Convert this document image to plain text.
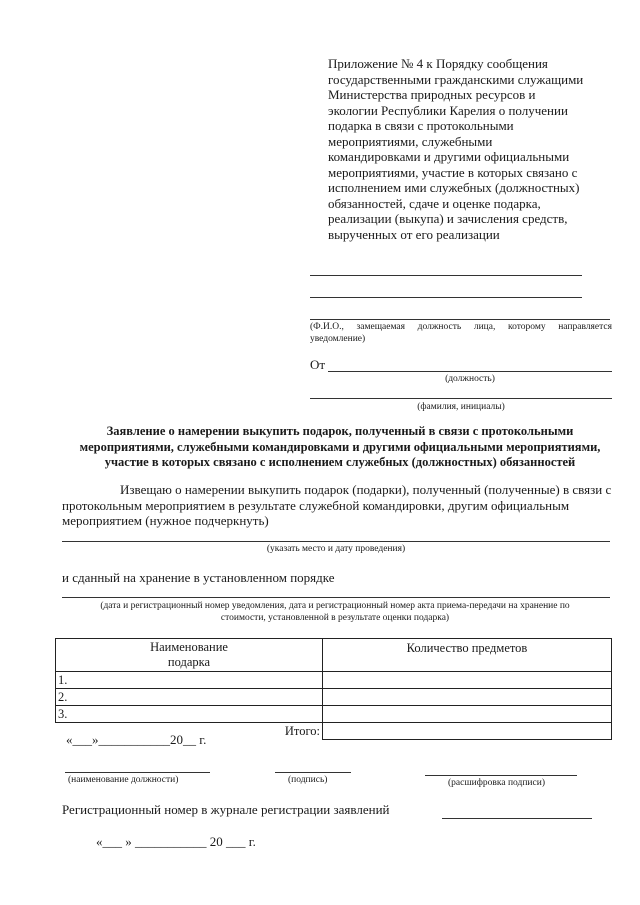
Приложение № 4 к Порядку сообщения
государственными гражданскими служащими
Министерства природных ресурсов и
экологии Республики Карелия о получении
подарка в связи с протокольными
мероприятиями, служебными
командировками и другими официальными
мероприятиями, участие в которых связано с
исполнением ими служебных (должностных)
обязанностей, сдаче и оценке подарка,
реализации (выкупа) и зачисления средств,
вырученных от его реализации
(Ф.И.О., замещаемая должность лица, которому направляется уведомление)
От
(должность)
(фамилия, инициалы)
Заявление о намерении выкупить подарок, полученный в связи с протокольными
мероприятиями, служебными командировками и другими официальными мероприятиями,
участие в которых связано с исполнением служебных (должностных) обязанностей
Извещаю о намерении выкупить подарок (подарки), полученный (полученные) в связи с
протокольным мероприятием в результате служебной командировки, другим официальным
мероприятием (нужное подчеркнуть)
(указать место и дату проведения)
и сданный на хранение в установленном порядке
(дата и регистрационный номер уведомления, дата и регистрационный номер акта приема-передачи на хранение по
стоимости, установленной в результате оценки подарка)
Наименование подарка	Количество предметов
1.	
2.	
3.	
Итого:	
«___»___________20__ г.
(наименование должности)	(подпись)	(расшифровка подписи)
Регистрационный номер в журнале регистрации заявлений
«___ » ___________ 20 ___ г.
